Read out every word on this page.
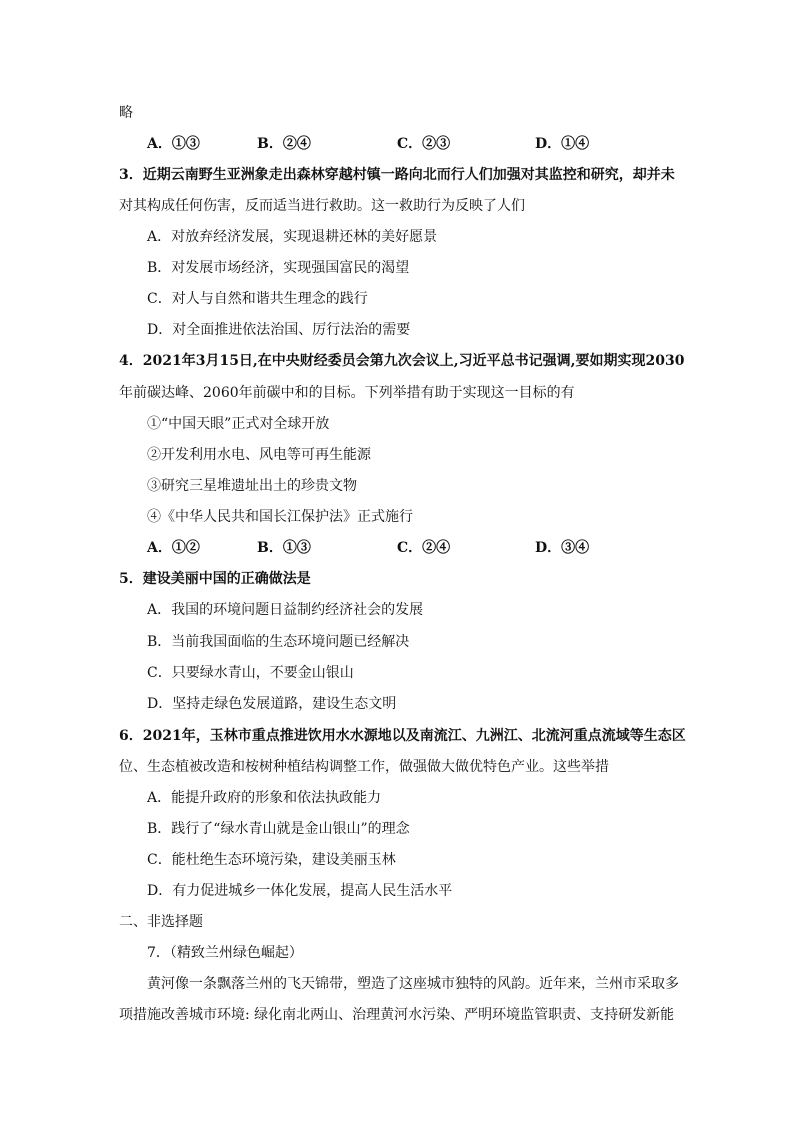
略
A．①③	B．②④	C．②③	D．①④
3．近期云南野生亚洲象走出森林穿越村镇一路向北而行人们加强对其监控和研究，却并未
对其构成任何伤害，反而适当进行救助。这一救助行为反映了人们
A．对放弃经济发展，实现退耕还林的美好愿景
B．对发展市场经济，实现强国富民的渴望
C．对人与自然和谐共生理念的践行
D．对全面推进依法治国、厉行法治的需要
4．2021年3月15日,在中央财经委员会第九次会议上,习近平总书记强调,要如期实现2030
年前碳达峰、2060年前碳中和的目标。下列举措有助于实现这一目标的有
①“中国天眼”正式对全球开放
②开发利用水电、风电等可再生能源
③研究三星堆遗址出土的珍贵文物
④《中华人民共和国长江保护法》正式施行
A．①②	B．①③	C．②④	D．③④
5．建设美丽中国的正确做法是
A．我国的环境问题日益制约经济社会的发展
B．当前我国面临的生态环境问题已经解决
C．只要绿水青山，不要金山银山
D．坚持走绿色发展道路，建设生态文明
6．2021年，玉林市重点推进饮用水水源地以及南流江、九洲江、北流河重点流域等生态区
位、生态植被改造和桉树种植结构调整工作，做强做大做优特色产业。这些举措
A．能提升政府的形象和依法执政能力
B．践行了“绿水青山就是金山银山”的理念
C．能杜绝生态环境污染，建设美丽玉林
D．有力促进城乡一体化发展，提高人民生活水平
二、非选择题
7．（精致兰州绿色崛起）
黄河像一条飘落兰州的飞天锦带，塑造了这座城市独特的风韵。近年来，兰州市采取多
项措施改善城市环境: 绿化南北两山、治理黄河水污染、严明环境监管职责、支持研发新能
